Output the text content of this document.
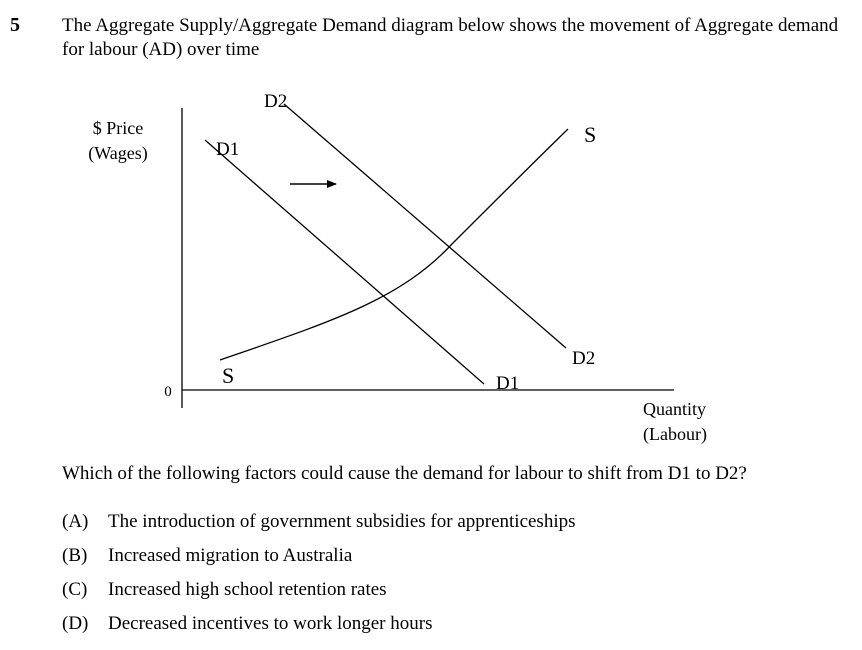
5 The Aggregate Supply/Aggregate Demand diagram below shows the movement of Aggregate demand for labour (AD) over time
$ Price
(Wages)
0
Quantity
(Labour)
D1
D1
D2
D2
S
S
Which of the following factors could cause the demand for labour to shift from D1 to D2?
(A) The introduction of government subsidies for apprenticeships
(B) Increased migration to Australia
(C) Increased high school retention rates
(D) Decreased incentives to work longer hours
